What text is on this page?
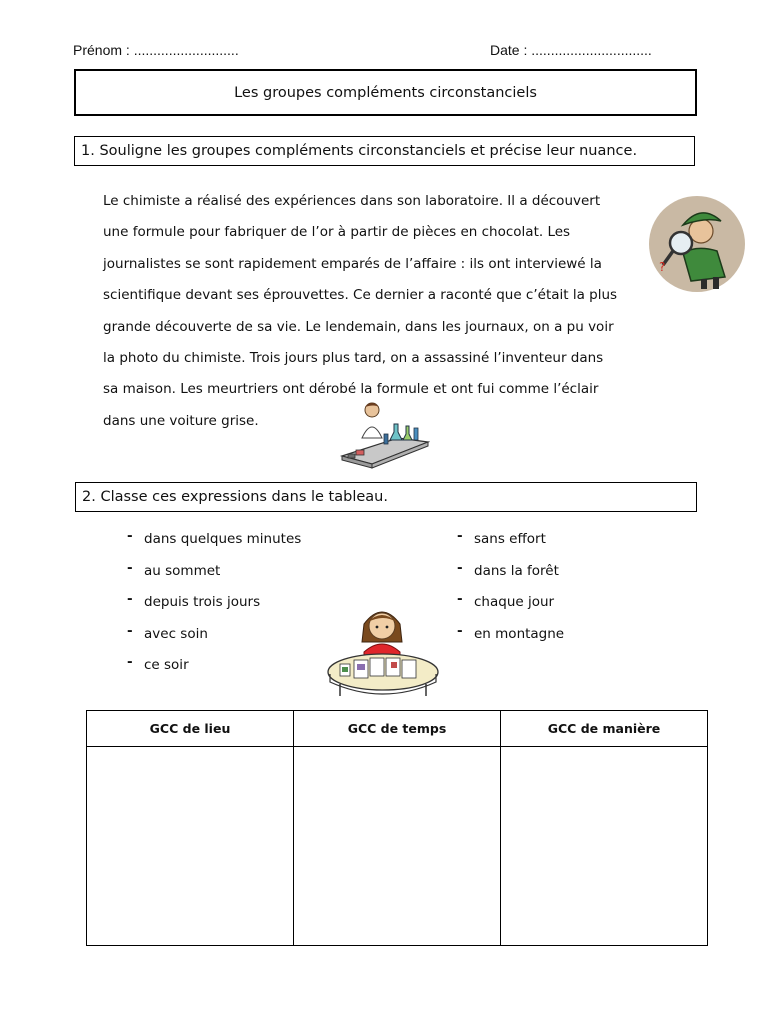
Prénom : ...........................	Date : ...............................
Les groupes compléments circonstanciels
1. Souligne les groupes compléments circonstanciels et précise leur nuance.

Le chimiste a réalisé des expériences dans son laboratoire. Il a découvert

une formule pour fabriquer de l’or à partir de pièces en chocolat. Les

journalistes se sont rapidement emparés de l’affaire : ils ont interviewé la

scientifique devant ses éprouvettes. Ce dernier a raconté que c’était la plus

grande découverte de sa vie. Le lendemain, dans les journaux, on a pu voir

la photo du chimiste. Trois jours plus tard, on a assassiné l’inventeur dans

sa maison. Les meurtriers ont dérobé la formule et ont fui comme l’éclair

dans une voiture grise.

?
2. Classe ces expressions dans le tableau.
- dans quelques minutes
- au sommet
- depuis trois jours
- avec soin
- ce soir
- sans effort
- dans la forêt
- chaque jour
- en montagne
GCC de lieu	GCC de temps	GCC de manière
